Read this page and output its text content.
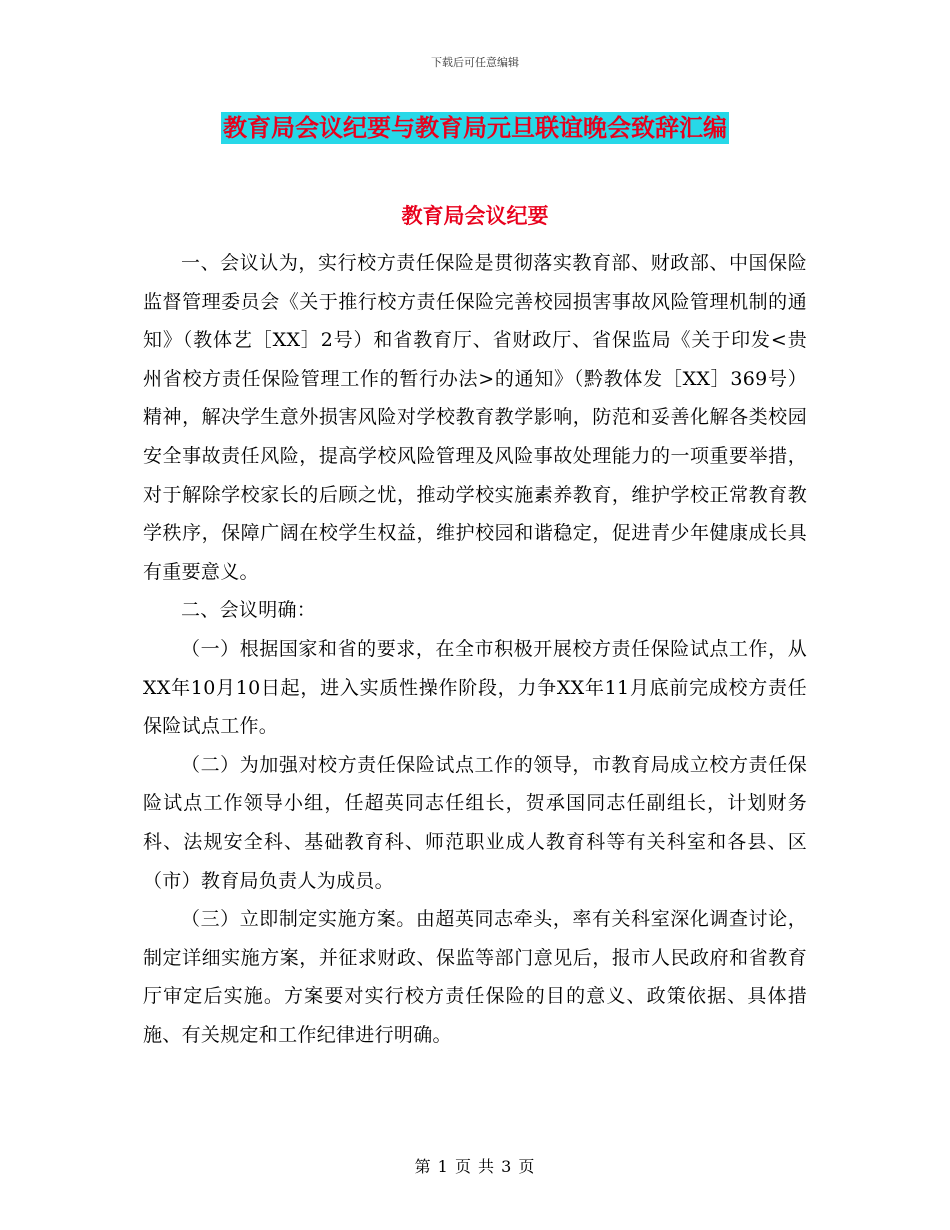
下载后可任意编辑
教育局会议纪要与教育局元旦联谊晚会致辞汇编
教育局会议纪要

一、会议认为，实行校方责任保险是贯彻落实教育部、财政部、中国保险监督管理委员会《关于推行校方责任保险完善校园损害事故风险管理机制的通知》（教体艺［XX］2号）和省教育厅、省财政厅、省保监局《关于印发<贵州省校方责任保险管理工作的暂行办法>的通知》（黔教体发［XX］369号）精神，解决学生意外损害风险对学校教育教学影响，防范和妥善化解各类校园安全事故责任风险，提高学校风险管理及风险事故处理能力的一项重要举措，对于解除学校家长的后顾之忧，推动学校实施素养教育，维护学校正常教育教学秩序，保障广阔在校学生权益，维护校园和谐稳定，促进青少年健康成长具有重要意义。

二、会议明确：

（一）根据国家和省的要求，在全市积极开展校方责任保险试点工作，从XX年10月10日起，进入实质性操作阶段，力争XX年11月底前完成校方责任保险试点工作。

（二）为加强对校方责任保险试点工作的领导，市教育局成立校方责任保险试点工作领导小组，任超英同志任组长，贺承国同志任副组长，计划财务科、法规安全科、基础教育科、师范职业成人教育科等有关科室和各县、区（市）教育局负责人为成员。

（三）立即制定实施方案。由超英同志牵头，率有关科室深化调查讨论，制定详细实施方案，并征求财政、保监等部门意见后，报市人民政府和省教育厅审定后实施。方案要对实行校方责任保险的目的意义、政策依据、具体措施、有关规定和工作纪律进行明确。

第 1 页 共 3 页
